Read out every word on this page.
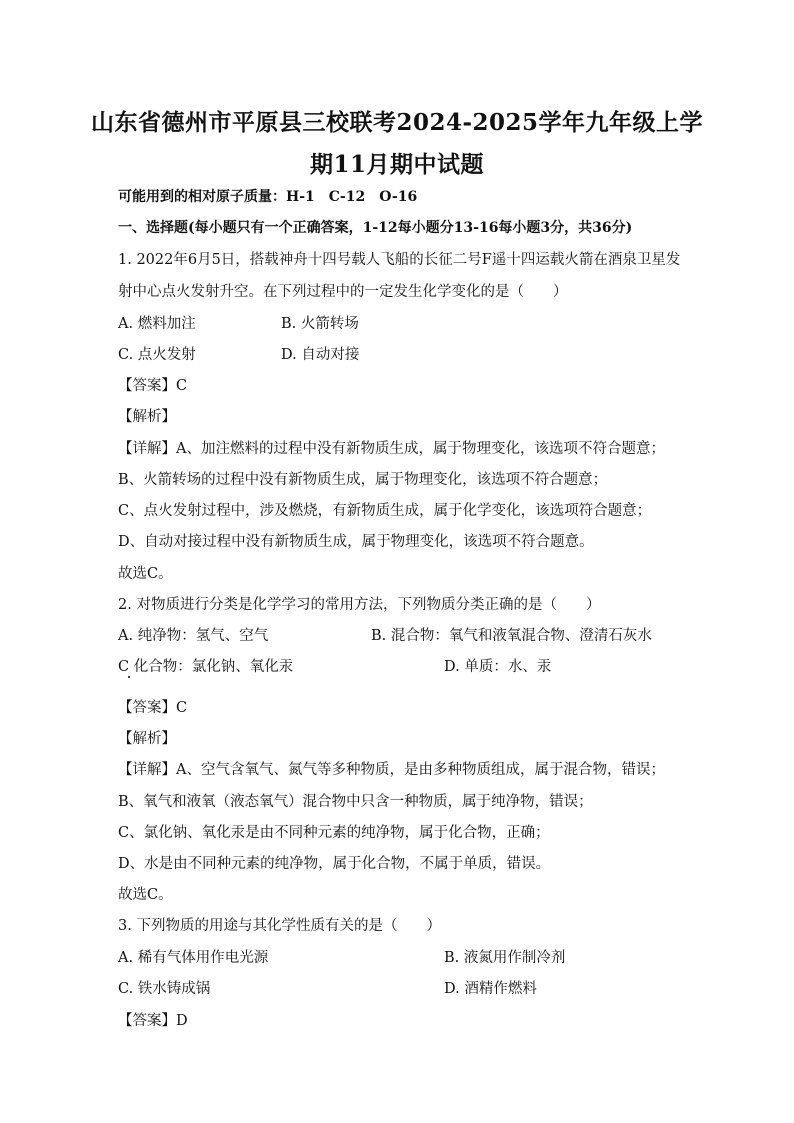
山东省德州市平原县三校联考2024-2025学年九年级上学
期11月期中试题
可能用到的相对原子质量：H-1　C-12　O-16
一、选择题(每小题只有一个正确答案，1-12每小题分13-16每小题3分，共36分)
1. 2022年6月5日，搭载神舟十四号载人飞船的长征二号F遥十四运载火箭在酒泉卫星发
射中心点火发射升空。在下列过程中的一定发生化学变化的是（　　）
A. 燃料加注	B. 火箭转场
C. 点火发射	D. 自动对接
【答案】C
【解析】
【详解】A、加注燃料的过程中没有新物质生成，属于物理变化，该选项不符合题意；
B、火箭转场的过程中没有新物质生成，属于物理变化，该选项不符合题意；
C、点火发射过程中，涉及燃烧，有新物质生成，属于化学变化，该选项符合题意；
D、自动对接过程中没有新物质生成，属于物理变化，该选项不符合题意。
故选C。
2. 对物质进行分类是化学学习的常用方法，下列物质分类正确的是（　　）
A. 纯净物：氢气、空气	B. 混合物：氧气和液氧混合物、澄清石灰水
C 化合物：氯化钠、氧化汞	D. 单质：水、汞
【答案】C
【解析】
【详解】A、空气含氧气、氮气等多种物质，是由多种物质组成，属于混合物，错误；
B、氧气和液氧（液态氧气）混合物中只含一种物质，属于纯净物，错误；
C、氯化钠、氧化汞是由不同种元素的纯净物，属于化合物，正确；
D、水是由不同种元素的纯净物，属于化合物，不属于单质，错误。
故选C。
3. 下列物质的用途与其化学性质有关的是（　　）
A. 稀有气体用作电光源	B. 液氮用作制冷剂
C. 铁水铸成锅	D. 酒精作燃料
【答案】D
